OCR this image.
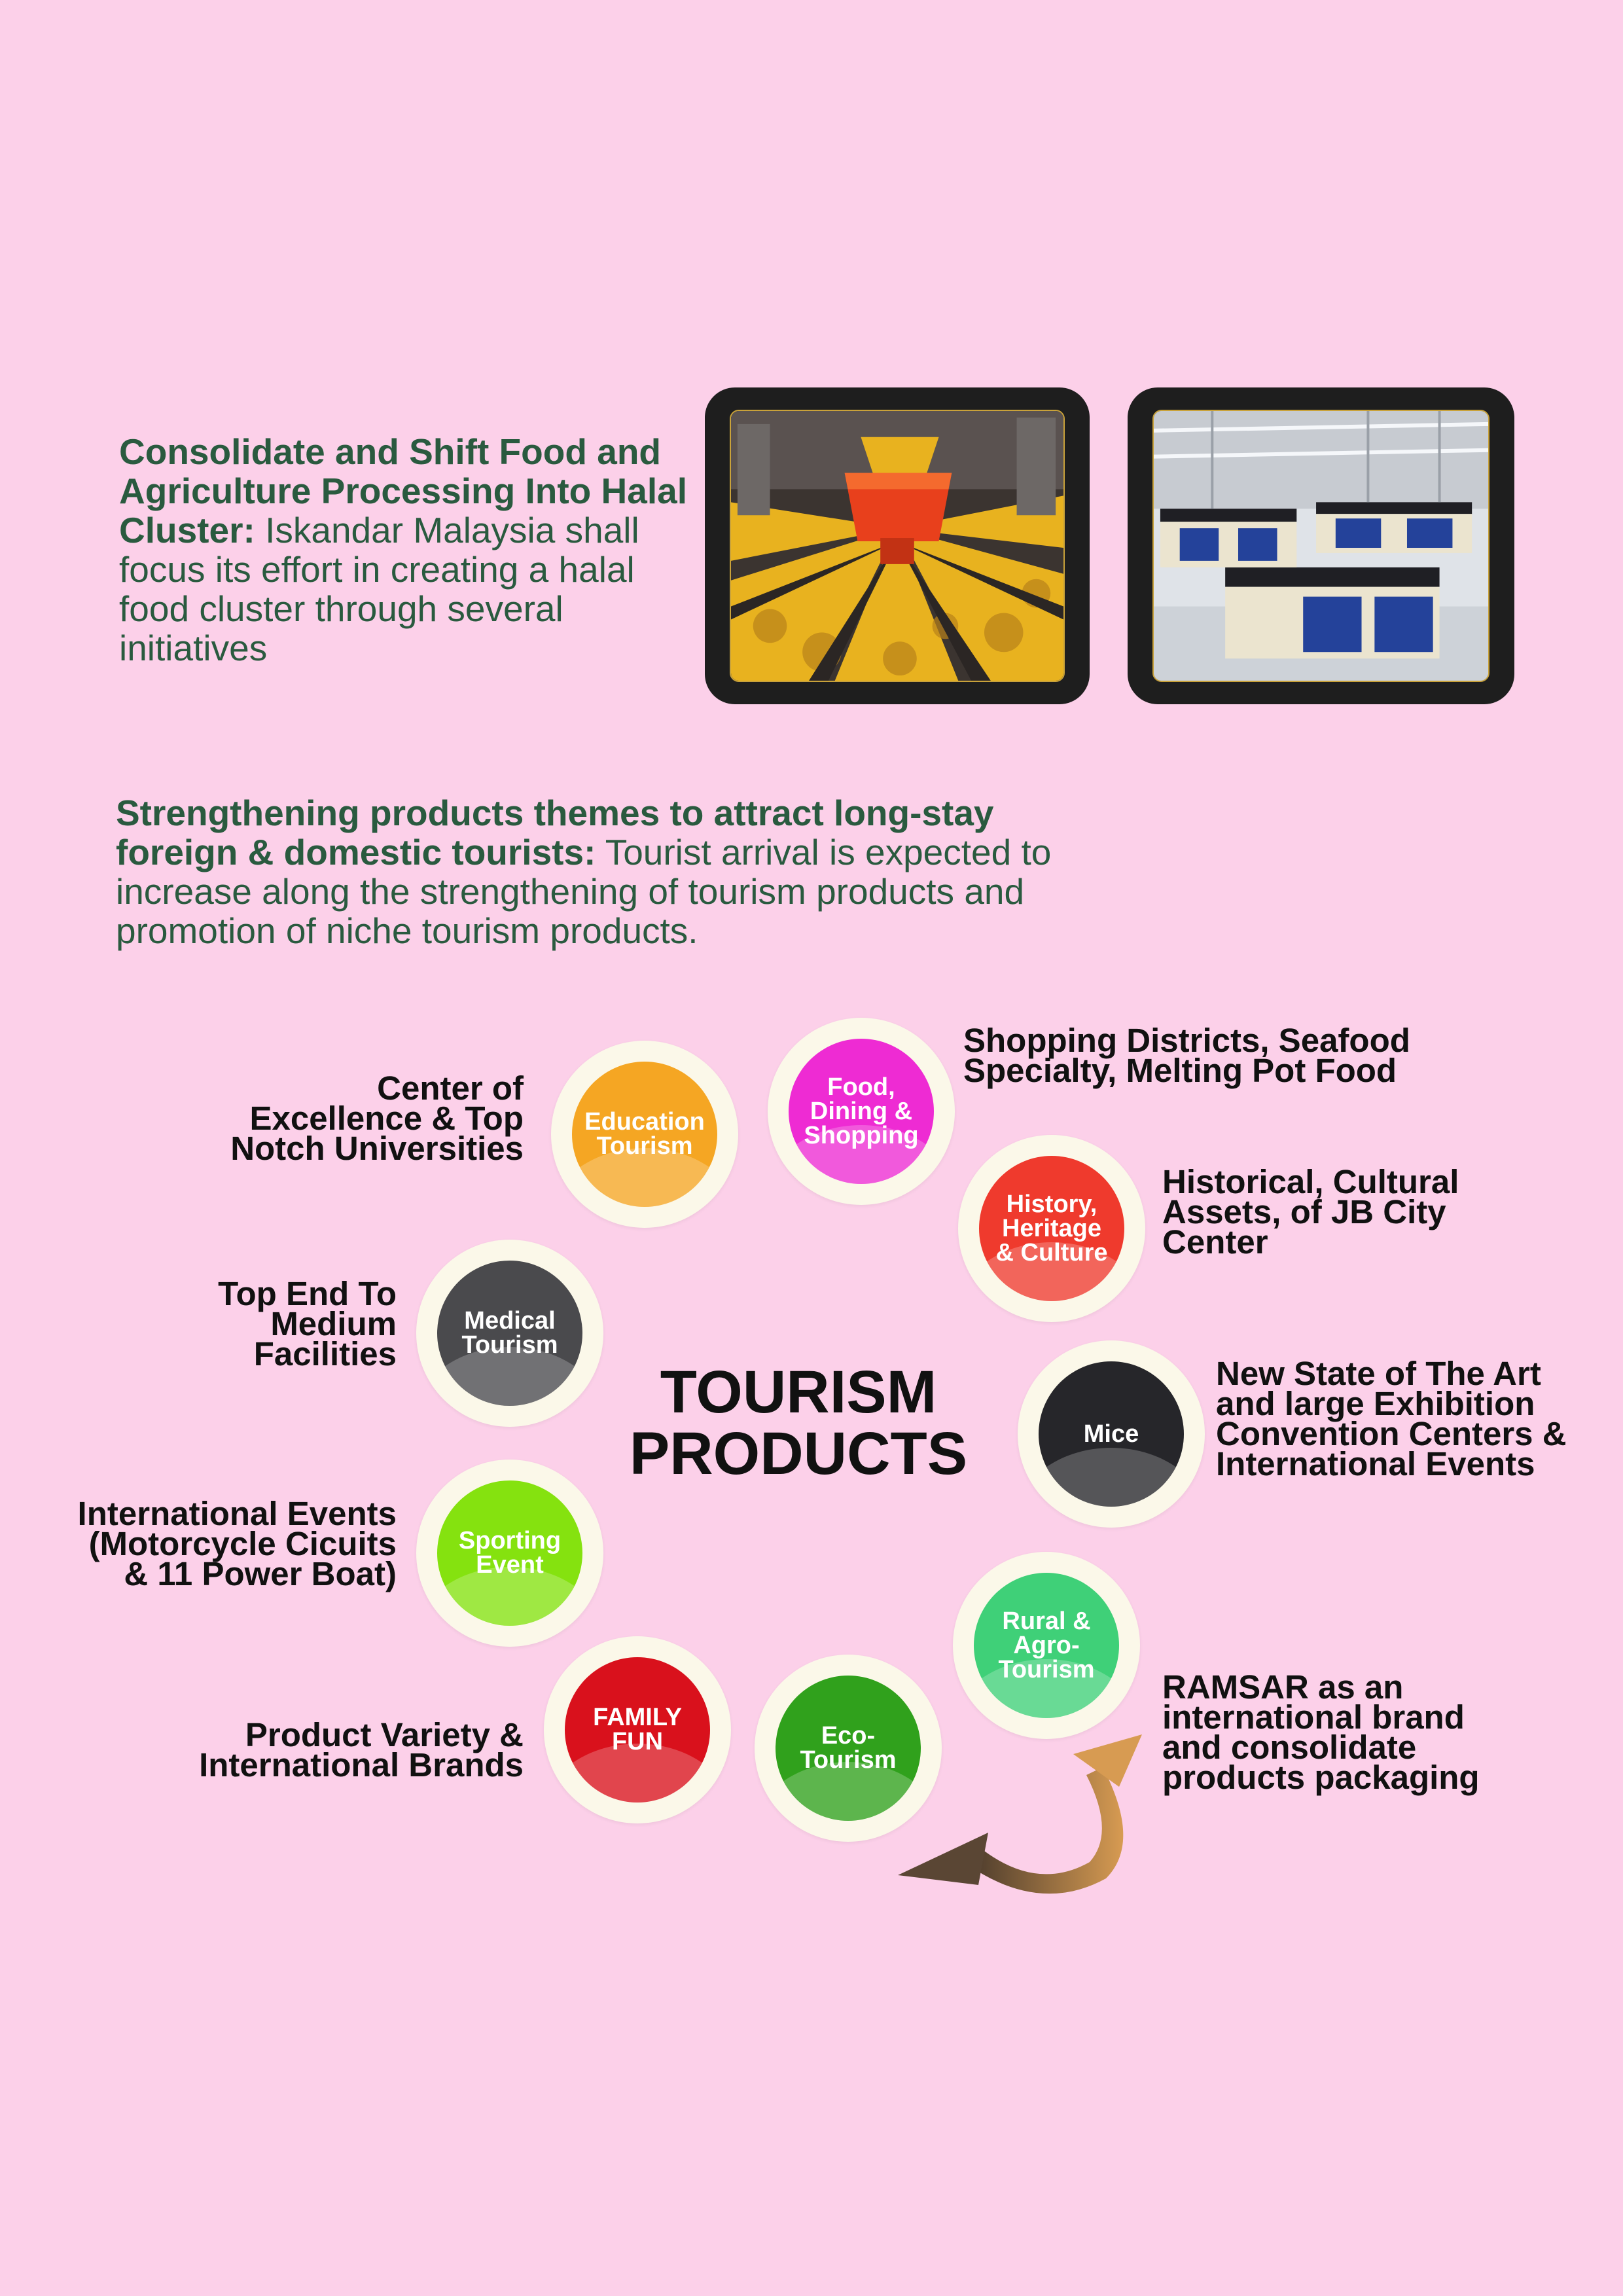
Consolidate and Shift Food and Agriculture Processing Into Halal Cluster: Iskandar Malaysia shall focus its effort in creating a halal food cluster through several initiatives
Strengthening products themes to attract long-stay foreign & domestic tourists: Tourist arrival is expected to increase along the strengthening of tourism products and promotion of niche tourism products.
TOURISM
PRODUCTS
Education Tourism
Food, Dining & Shopping
History, Heritage & Culture
Medical Tourism
Mice
Sporting Event
Rural & Agro-Tourism
FAMILY FUN	Eco-Tourism
Center of Excellence & Top Notch Universities
Shopping Districts, Seafood Specialty, Melting Pot Food
Historical, Cultural Assets, of JB City Center
Top End To Medium Facilities
New State of The Art and large Exhibition Convention Centers & International Events
International Events (Motorcycle Cicuits & 11 Power Boat)
RAMSAR as an international brand and consolidate products packaging
Product Variety & International Brands
